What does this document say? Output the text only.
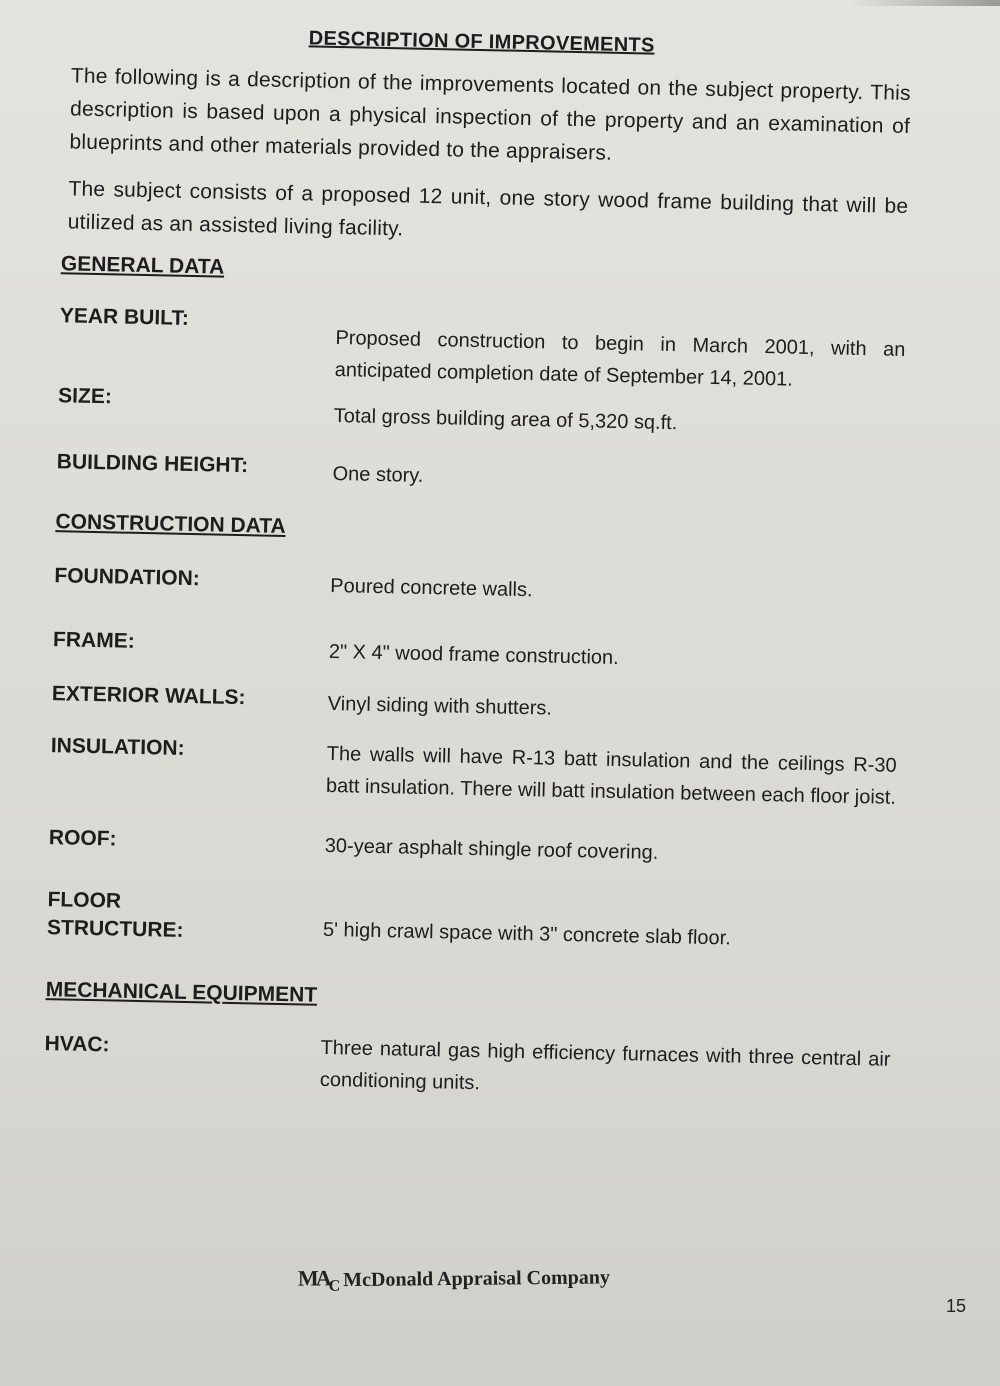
DESCRIPTION OF IMPROVEMENTS

The following is a description of the improvements located on the subject property. This description is based upon a physical inspection of the property and an examination of blueprints and other materials provided to the appraisers.

The subject consists of a proposed 12 unit, one story wood frame building that will be utilized as an assisted living facility.

GENERAL DATA
YEAR BUILT:
Proposed construction to begin in March 2001, with an anticipated completion date of September 14, 2001.
SIZE:
Total gross building area of 5,320 sq.ft.
BUILDING HEIGHT:	One story.
CONSTRUCTION DATA
FOUNDATION:	Poured concrete walls.
FRAME:
2" X 4" wood frame construction.
EXTERIOR WALLS:	Vinyl siding with shutters.
INSULATION:	The walls will have R-13 batt insulation and the ceilings R-30 batt insulation. There will batt insulation between each floor joist.
ROOF:	30-year asphalt shingle roof covering.
FLOOR
STRUCTURE:	5' high crawl space with 3" concrete slab floor.
MECHANICAL EQUIPMENT
HVAC:	Three natural gas high efficiency furnaces with three central air conditioning units.
$MA_C$ McDonald Appraisal Company
15
